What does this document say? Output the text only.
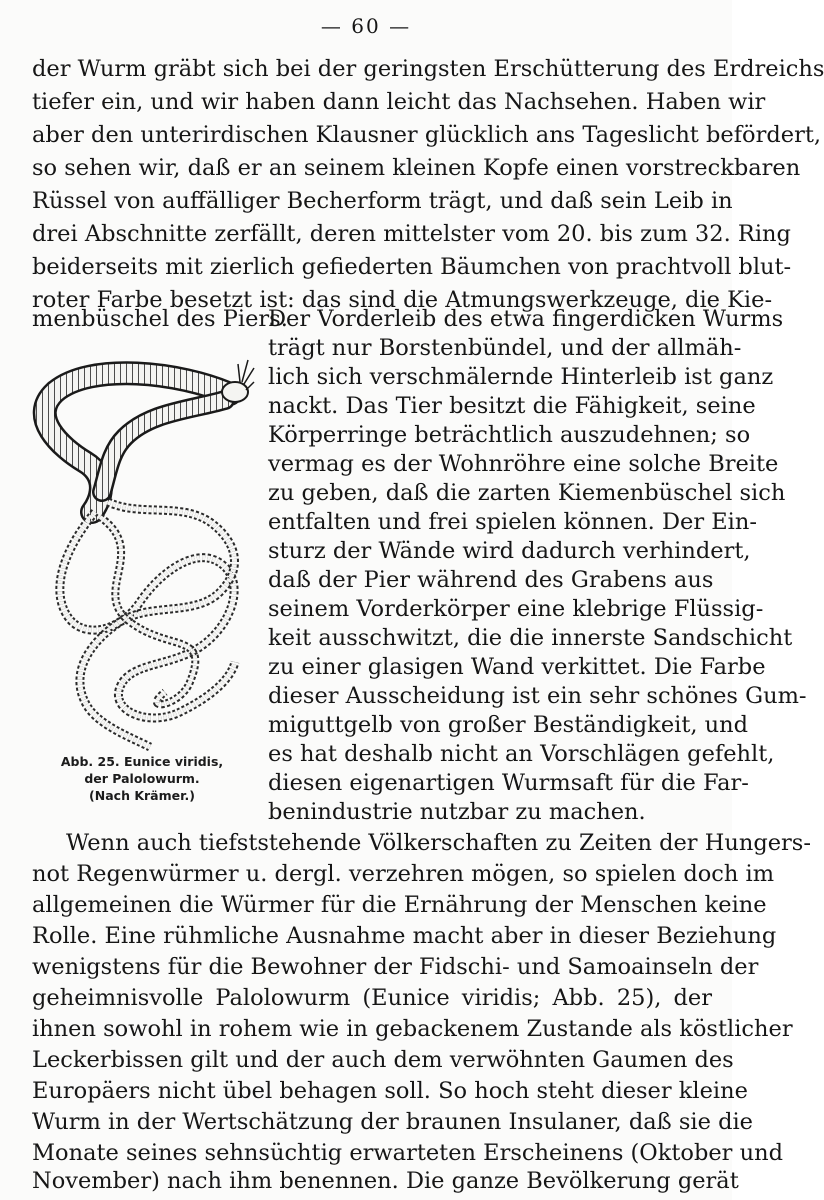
— 60 —
der Wurm gräbt sich bei der geringsten Erschütterung des Erdreichs
tiefer ein, und wir haben dann leicht das Nachsehen. Haben wir
aber den unterirdischen Klausner glücklich ans Tageslicht befördert,
so sehen wir, daß er an seinem kleinen Kopfe einen vorstreckbaren
Rüssel von auffälliger Becherform trägt, und daß sein Leib in
drei Abschnitte zerfällt, deren mittelster vom 20. bis zum 32. Ring
beiderseits mit zierlich gefiederten Bäumchen von prachtvoll blut-
roter Farbe besetzt ist: das sind die Atmungswerkzeuge, die Kie-
menbüschel des Piers.
Der Vorderleib des etwa fingerdicken Wurms
trägt nur Borstenbündel, und der allmäh-
lich sich verschmälernde Hinterleib ist ganz
nackt. Das Tier besitzt die Fähigkeit, seine
Körperringe beträchtlich auszudehnen; so
vermag es der Wohnröhre eine solche Breite
zu geben, daß die zarten Kiemenbüschel sich
entfalten und frei spielen können. Der Ein-
sturz der Wände wird dadurch verhindert,
daß der Pier während des Grabens aus
seinem Vorderkörper eine klebrige Flüssig-
keit ausschwitzt, die die innerste Sandschicht
zu einer glasigen Wand verkittet. Die Farbe
dieser Ausscheidung ist ein sehr schönes Gum-
miguttgelb von großer Beständigkeit, und
es hat deshalb nicht an Vorschlägen gefehlt,
diesen eigenartigen Wurmsaft für die Far-
benindustrie nutzbar zu machen.
Abb. 25. Eunice viridis,
der Palolowurm.
(Nach Krämer.)
Wenn auch tiefststehende Völkerschaften zu Zeiten der Hungers-
not Regenwürmer u. dergl. verzehren mögen, so spielen doch im
allgemeinen die Würmer für die Ernährung der Menschen keine
Rolle. Eine rühmliche Ausnahme macht aber in dieser Beziehung
wenigstens für die Bewohner der Fidschi- und Samoainseln der
geheimnisvolle Palolowurm (Eunice viridis; Abb. 25), der
ihnen sowohl in rohem wie in gebackenem Zustande als köstlicher
Leckerbissen gilt und der auch dem verwöhnten Gaumen des
Europäers nicht übel behagen soll. So hoch steht dieser kleine
Wurm in der Wertschätzung der braunen Insulaner, daß sie die
Monate seines sehnsüchtig erwarteten Erscheinens (Oktober und
November) nach ihm benennen. Die ganze Bevölkerung gerät
